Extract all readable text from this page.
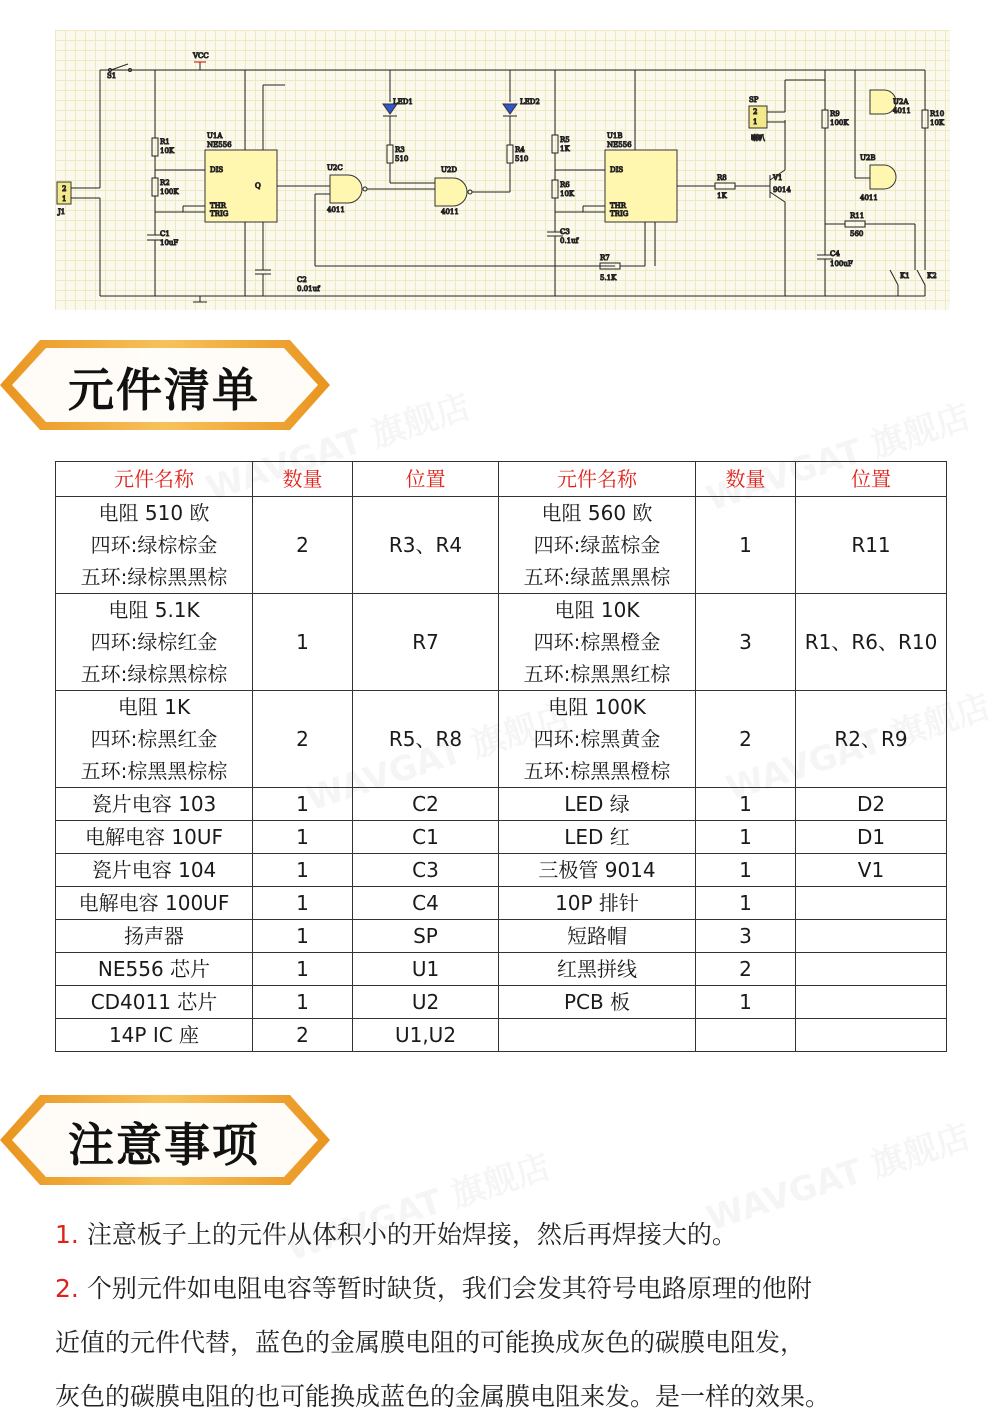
S1
VCC
J1
2
1
R1
10K
R2
100K
C1
10uF
U1A
NE556
DIS
THR
TRIG
Q
C2
0.01uf
U2C
4011
U2D
4011
LED1	LED2
R3
510
R4
510
R5
1K
R6
10K
C3
0.1uf
U1B
NE556
DIS
THR
TRIG
R7
5.1K
R8
1K
V1
9014
SP
2
1
喇叭
R9
100K
R10
10K
U2A
4011
U2B
4011
R11
560
C4
100uF
K1 K2
元件清单
元件名称	数量	位置	元件名称	数量	位置

电阻 510 欧
四环:绿棕棕金
五环:绿棕黑黑棕	2	R3、R4	电阻 560 欧
四环:绿蓝棕金
五环:绿蓝黑黑棕	1	R11

电阻 5.1K
四环:绿棕红金
五环:绿棕黑棕棕	1	R7	电阻 10K
四环:棕黑橙金
五环:棕黑黑红棕	3	R1、R6、R10

电阻 1K
四环:棕黑红金
五环:棕黑黑棕棕	2	R5、R8	电阻 100K
四环:棕黑黄金
五环:棕黑黑橙棕	2	R2、R9

瓷片电容 103	1	C2	LED 绿	1	D2

电解电容 10UF	1	C1	LED 红	1	D1

瓷片电容 104	1	C3	三极管 9014	1	V1

电解电容 100UF	1	C4	10P 排针	1	

扬声器	1	SP	短路帽	3	

NE556 芯片	1	U1	红黑拼线	2	

CD4011 芯片	1	U2	PCB 板	1	

14P IC 座	2	U1,U2	

注意事项

1. 注意板子上的元件从体积小的开始焊接，然后再焊接大的。

2. 个别元件如电阻电容等暂时缺货，我们会发其符号电路原理的他附

近值的元件代替，蓝色的金属膜电阻的可能换成灰色的碳膜电阻发，

灰色的碳膜电阻的也可能换成蓝色的金属膜电阻来发。是一样的效果。
